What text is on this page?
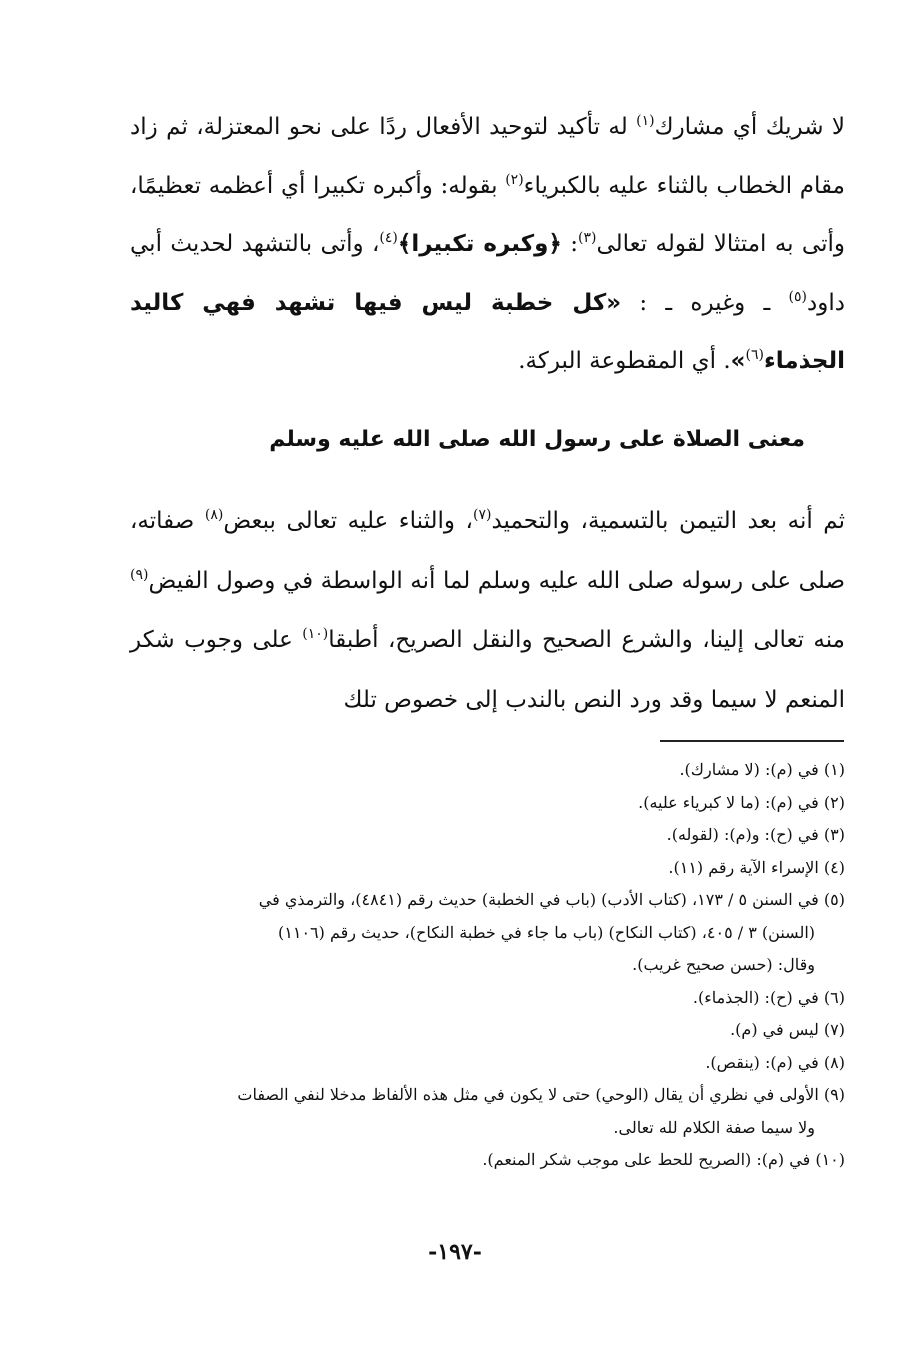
لا شريك أي مشارك$^{(١)}$ له تأكيد لتوحيد الأفعال ردًا على نحو المعتزلة، ثم زاد مقام الخطاب بالثناء عليه بالكبرياء$^{(٢)}$ بقوله: وأكبره تكبيرا أي أعظمه تعظيمًا، وأتى به امتثالا لقوله تعالى$^{(٣)}$: ﴿وكبره تكبيرا﴾$^{(٤)}$، وأتى بالتشهد لحديث أبي داود$^{(٥)}$ ـ وغيره ـ : «كل خطبة ليس فيها تشهد فهي كاليد الجذماء$^{(٦)}$». أي المقطوعة البركة.

معنى الصلاة على رسول الله صلى الله عليه وسلم

ثم أنه بعد التيمن بالتسمية، والتحميد$^{(٧)}$، والثناء عليه تعالى ببعض$^{(٨)}$ صفاته، صلى على رسوله صلى الله عليه وسلم لما أنه الواسطة في وصول الفيض$^{(٩)}$ منه تعالى إلينا، والشرع الصحيح والنقل الصريح، أطبقا$^{(١٠)}$ على وجوب شكر المنعم لا سيما وقد ورد النص بالندب إلى خصوص تلك

(١) في (م): (لا مشارك).
(٢) في (م): (ما لا كبرياء عليه).
(٣) في (ح): و(م): (لقوله).
(٤) الإسراء الآية رقم (١١).
(٥) في السنن ٥ / ١٧٣، (كتاب الأدب) (باب في الخطبة) حديث رقم (٤٨٤١)، والترمذي في
(السنن) ٣ / ٤٠٥، (كتاب النكاح) (باب ما جاء في خطبة النكاح)، حديث رقم (١١٠٦)
وقال: (حسن صحيح غريب).
(٦) في (ح): (الجذماء).
(٧) ليس في (م).
(٨) في (م): (ينقص).
(٩) الأولى في نظري أن يقال (الوحي) حتى لا يكون في مثل هذه الألفاظ مدخلا لنفي الصفات
ولا سيما صفة الكلام لله تعالى.
(١٠) في (م): (الصريح للحط على موجب شكر المنعم).
-١٩٧-
